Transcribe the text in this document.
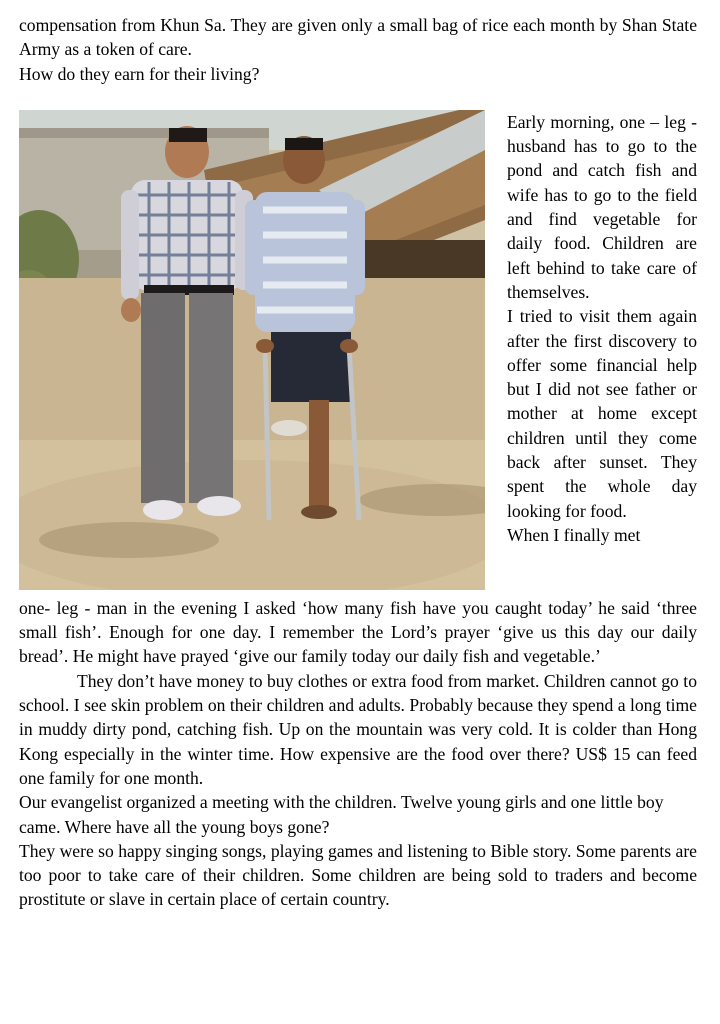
compensation from Khun Sa. They are given only a small bag of rice each month by Shan State Army as a token of care.

How do they earn for their living?

Early morning, one – leg - husband has to go to the pond and catch fish and wife has to go to the field and find vegetable for daily food. Children are left behind to take care of themselves.

I tried to visit them again after the first discovery to offer some financial help but I did not see father or mother at home except children until they come back after sunset. They spent the whole day looking for food.

When I finally met

one- leg - man in the evening I asked ‘how many fish have you caught today’ he said ‘three small fish’. Enough for one day. I remember the Lord’s prayer ‘give us this day our daily bread’. He might have prayed ‘give our family today our daily fish and vegetable.’

They don’t have money to buy clothes or extra food from market. Children cannot go to school. I see skin problem on their children and adults. Probably because they spend a long time in muddy dirty pond, catching fish. Up on the mountain was very cold. It is colder than Hong Kong especially in the winter time. How expensive are the food over there? US$ 15 can feed one family for one month.

Our evangelist organized a meeting with the children. Twelve young girls and one little boy came. Where have all the young boys gone?

They were so happy singing songs, playing games and listening to Bible story. Some parents are too poor to take care of their children. Some children are being sold to traders and become prostitute or slave in certain place of certain country.
